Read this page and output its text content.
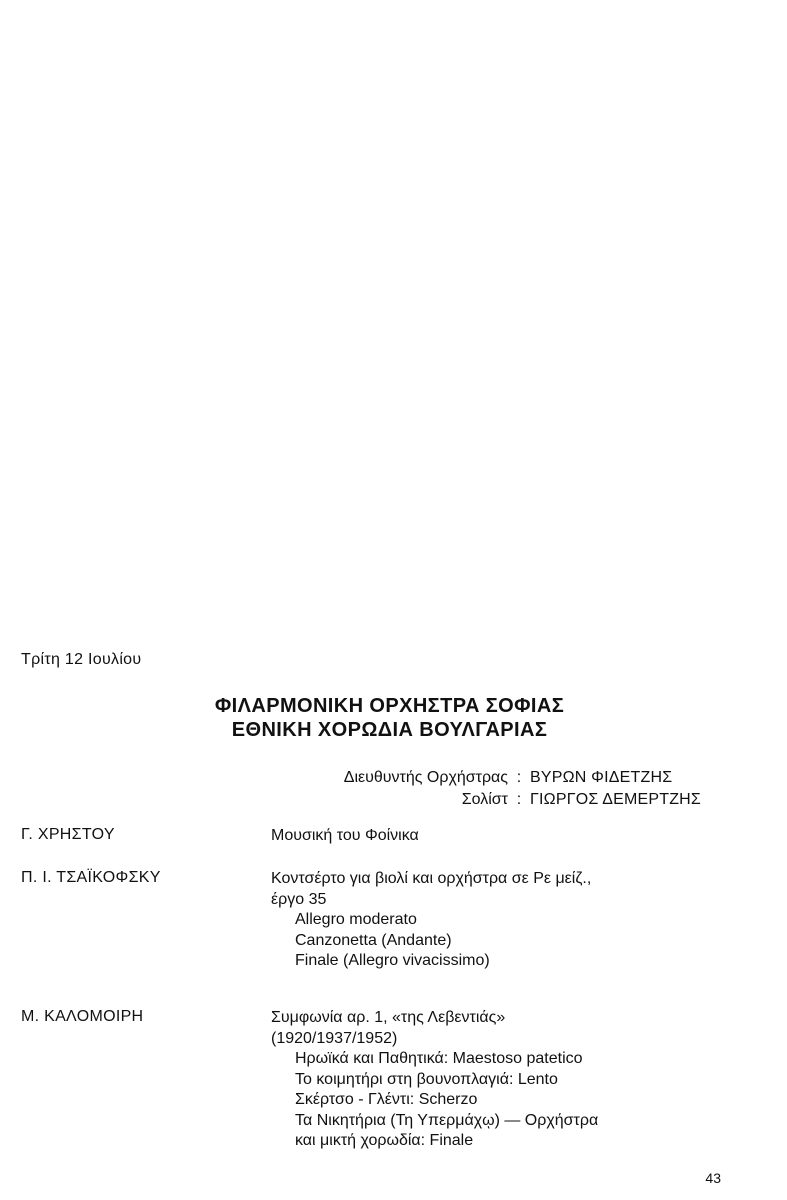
Τρίτη 12 Ιουλίου
ΦΙΛΑΡΜΟΝΙΚΗ ΟΡΧΗΣΤΡΑ ΣΟΦΙΑΣ
ΕΘΝΙΚΗ ΧΟΡΩΔΙΑ ΒΟΥΛΓΑΡΙΑΣ
Διευθυντής Ορχήστρας : ΒΥΡΩΝ ΦΙΔΕΤΖΗΣ
Σολίστ : ΓΙΩΡΓΟΣ ΔΕΜΕΡΤΖΗΣ
Γ. ΧΡΗΣΤΟΥ	Μουσική του Φοίνικα
Π. Ι. ΤΣΑΪΚΟΦΣΚΥ	Κοντσέρτο για βιολί και ορχήστρα σε Ρε μείζ.,
έργο 35
Allegro moderato
Canzonetta (Andante)
Finale (Allegro vivacissimo)
Μ. ΚΑΛΟΜΟΙΡΗ	Συμφωνία αρ. 1, «της Λεβεντιάς»
(1920/1937/1952)
Ηρωϊκά και Παθητικά: Maestoso patetico
Το κοιμητήρι στη βουνοπλαγιά: Lento
Σκέρτσο - Γλέντι: Scherzo
Τα Νικητήρια (Τη Υπερμάχῳ) — Ορχήστρα
και μικτή χορωδία: Finale
43
